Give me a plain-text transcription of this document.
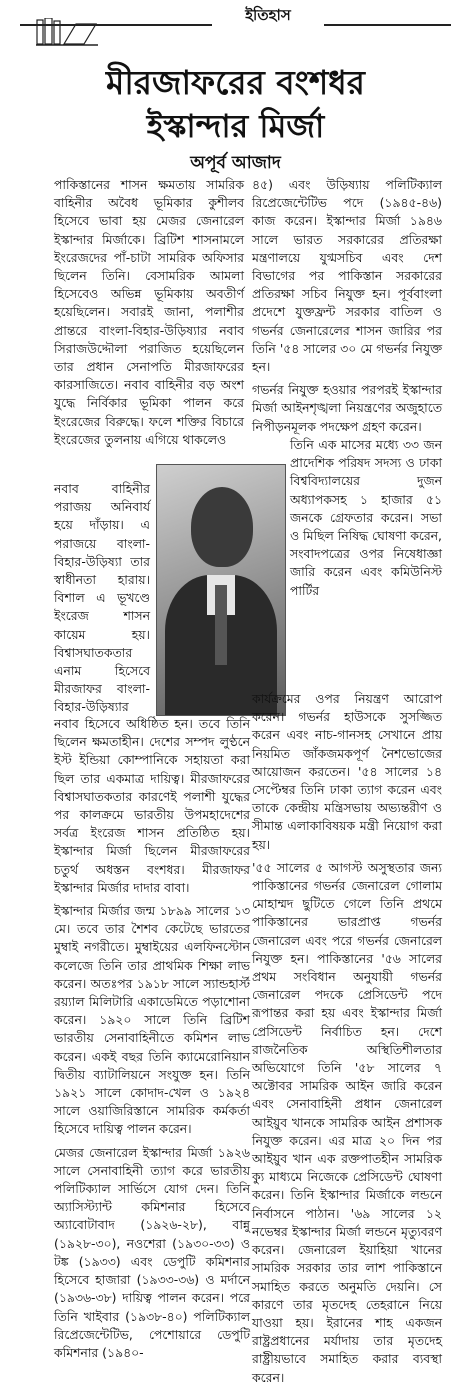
ইতিহাস
মীরজাফরের বংশধর
ইস্কান্দার মির্জা
অপূর্ব আজাদ

পাকিস্তানের শাসন ক্ষমতায় সামরিক বাহিনীর অবৈধ ভূমিকার কুশীলব হিসেবে ভাবা হয় মেজর জেনারেল ইস্কান্দার মির্জাকে। ব্রিটিশ শাসনামলে ইংরেজদের পাঁ-চাটা সামরিক অফিসার ছিলেন তিনি। বেসামরিক আমলা হিসেবেও অভিন্ন ভূমিকায় অবতীর্ণ হয়েছিলেন। সবারই জানা, পলাশীর প্রান্তরে বাংলা-বিহার-উড়িষ্যার নবাব সিরাজউদ্দৌলা পরাজিত হয়েছিলেন তার প্রধান সেনাপতি মীরজাফরের কারসাজিতে। নবাব বাহিনীর বড় অংশ যুদ্ধে নির্বিকার ভূমিকা পালন করে ইংরেজের বিরুদ্ধে। ফলে শক্তির বিচারে ইংরেজের তুলনায় এগিয়ে থাকলেও

নবাব বাহিনীর পরাজয় অনিবার্য হয়ে দাঁড়ায়। এ পরাজয়ে বাংলা-বিহার-উড়িষ্যা তার স্বাধীনতা হারায়। বিশাল এ ভূখণ্ডে ইংরেজ শাসন কায়েম হয়। বিশ্বাসঘাতকতার এনাম হিসেবে মীরজাফর বাংলা-বিহার-উড়িষ্যার

নবাব হিসেবে অধিষ্ঠিত হন। তবে তিনি ছিলেন ক্ষমতাহীন। দেশের সম্পদ লুণ্ঠনে ইস্ট ইন্ডিয়া কোম্পানিকে সহায়তা করা ছিল তার একমাত্র দায়িত্ব। মীরজাফরের বিশ্বাসঘাতকতার কারণেই পলাশী যুদ্ধের পর কালক্রমে ভারতীয় উপমহাদেশের সর্বত্র ইংরেজ শাসন প্রতিষ্ঠিত হয়। ইস্কান্দার মির্জা ছিলেন মীরজাফরের চতুর্থ অধস্তন বংশধর। মীরজাফর ইস্কান্দার মির্জার দাদার বাবা।

ইস্কান্দার মির্জার জন্ম ১৮৯৯ সালের ১৩ মে। তবে তার শৈশব কেটেছে ভারতের মুম্বাই নগরীতে। মুম্বাইয়ের এলফিনস্টোন কলেজে তিনি তার প্রাথমিক শিক্ষা লাভ করেন। অতঃপর ১৯১৮ সালে স্যান্ডহার্স্ট রয়্যাল মিলিটারি একাডেমিতে পড়াশোনা করেন। ১৯২০ সালে তিনি ব্রিটিশ ভারতীয় সেনাবাহিনীতে কমিশন লাভ করেন। একই বছর তিনি ক্যামেরোনিয়ান দ্বিতীয় ব্যাটালিয়নে সংযুক্ত হন। তিনি ১৯২১ সালে কোদাদ-খেল ও ১৯২৪ সালে ওয়াজিরিস্তানে সামরিক কর্মকর্তা হিসেবে দায়িত্ব পালন করেন।

মেজর জেনারেল ইস্কান্দার মির্জা ১৯২৬ সালে সেনাবাহিনী ত্যাগ করে ভারতীয় পলিটিক্যাল সার্ভিসে যোগ দেন। তিনি অ্যাসিস্ট্যান্ট কমিশনার হিসেবে অ্যাবোটাবাদ (১৯২৬-২৮), বান্নু (১৯২৮-৩০), নওশেরা (১৯৩০-৩৩) ও টঙ্ক (১৯৩৩) এবং ডেপুটি কমিশনার হিসেবে হাজারা (১৯৩৩-৩৬) ও মর্দানে (১৯৩৬-৩৮) দায়িত্ব পালন করেন। পরে তিনি খাইবার (১৯৩৮-৪০) পলিটিক্যাল রিপ্রেজেন্টেটিভ, পেশোয়ারে ডেপুটি কমিশনার (১৯৪০-

৪৫) এবং উড়িষ্যায় পলিটিক্যাল রিপ্রেজেন্টেটিভ পদে (১৯৪৫-৪৬) কাজ করেন। ইস্কান্দার মির্জা ১৯৪৬ সালে ভারত সরকারের প্রতিরক্ষা মন্ত্রণালয়ে যুগ্মসচিব এবং দেশ বিভাগের পর পাকিস্তান সরকারের প্রতিরক্ষা সচিব নিযুক্ত হন। পূর্ববাংলা প্রদেশে যুক্তফ্রন্ট সরকার বাতিল ও গভর্নর জেনারেলের শাসন জারির পর তিনি '৫৪ সালের ৩০ মে গভর্নর নিযুক্ত হন।

গভর্নর নিযুক্ত হওয়ার পরপরই ইস্কান্দার মির্জা আইনশৃঙ্খলা নিয়ন্ত্রণের অজুহাতে নিপীড়নমূলক পদক্ষেপ গ্রহণ করেন।

তিনি এক মাসের মধ্যে ৩৩ জন প্রাদেশিক পরিষদ সদস্য ও ঢাকা বিশ্ববিদ্যালয়ের দুজন অধ্যাপকসহ ১ হাজার ৫১ জনকে গ্রেফতার করেন। সভা ও মিছিল নিষিদ্ধ ঘোষণা করেন, সংবাদপত্রের ওপর নিষেধাজ্ঞা জারি করেন এবং কমিউনিস্ট পার্টির

কার্যক্রমের ওপর নিয়ন্ত্রণ আরোপ করেন। গভর্নর হাউসকে সুসজ্জিত করেন এবং নাচ-গানসহ সেখানে প্রায় নিয়মিত জাঁকজমকপূর্ণ নৈশভোজের আয়োজন করতেন। '৫৪ সালের ১৪ সেপ্টেম্বর তিনি ঢাকা ত্যাগ করেন এবং তাকে কেন্দ্রীয় মন্ত্রিসভায় অভ্যন্তরীণ ও সীমান্ত এলাকাবিষয়ক মন্ত্রী নিয়োগ করা হয়।

'৫৫ সালের ৫ আগস্ট অসুস্থতার জন্য পাকিস্তানের গভর্নর জেনারেল গোলাম মোহাম্মদ ছুটিতে গেলে তিনি প্রথমে পাকিস্তানের ভারপ্রাপ্ত গভর্নর জেনারেল এবং পরে গভর্নর জেনারেল নিযুক্ত হন। পাকিস্তানের '৫৬ সালের প্রথম সংবিধান অনুযায়ী গভর্নর জেনারেল পদকে প্রেসিডেন্ট পদে রূপান্তর করা হয় এবং ইস্কান্দার মির্জা প্রেসিডেন্ট নির্বাচিত হন। দেশে রাজনৈতিক অস্থিতিশীলতার অভিযোগে তিনি '৫৮ সালের ৭ অক্টোবর সামরিক আইন জারি করেন এবং সেনাবাহিনী প্রধান জেনারেল আইয়ুব খানকে সামরিক আইন প্রশাসক নিযুক্ত করেন। এর মাত্র ২০ দিন পর আইয়ুব খান এক রক্তপাতহীন সামরিক ক্যু মাধ্যমে নিজেকে প্রেসিডেন্ট ঘোষণা করেন। তিনি ইস্কান্দার মির্জাকে লন্ডনে নির্বাসনে পাঠান। '৬৯ সালের ১২ নভেম্বর ইস্কান্দার মির্জা লন্ডনে মৃত্যুবরণ করেন। জেনারেল ইয়াহিয়া খানের সামরিক সরকার তার লাশ পাকিস্তানে সমাহিত করতে অনুমতি দেয়নি। সে কারণে তার মৃতদেহ তেহরানে নিয়ে যাওয়া হয়। ইরানের শাহ একজন রাষ্ট্রপ্রধানের মর্যাদায় তার মৃতদেহ রাষ্ট্রীয়ভাবে সমাহিত করার ব্যবস্থা করেন।
